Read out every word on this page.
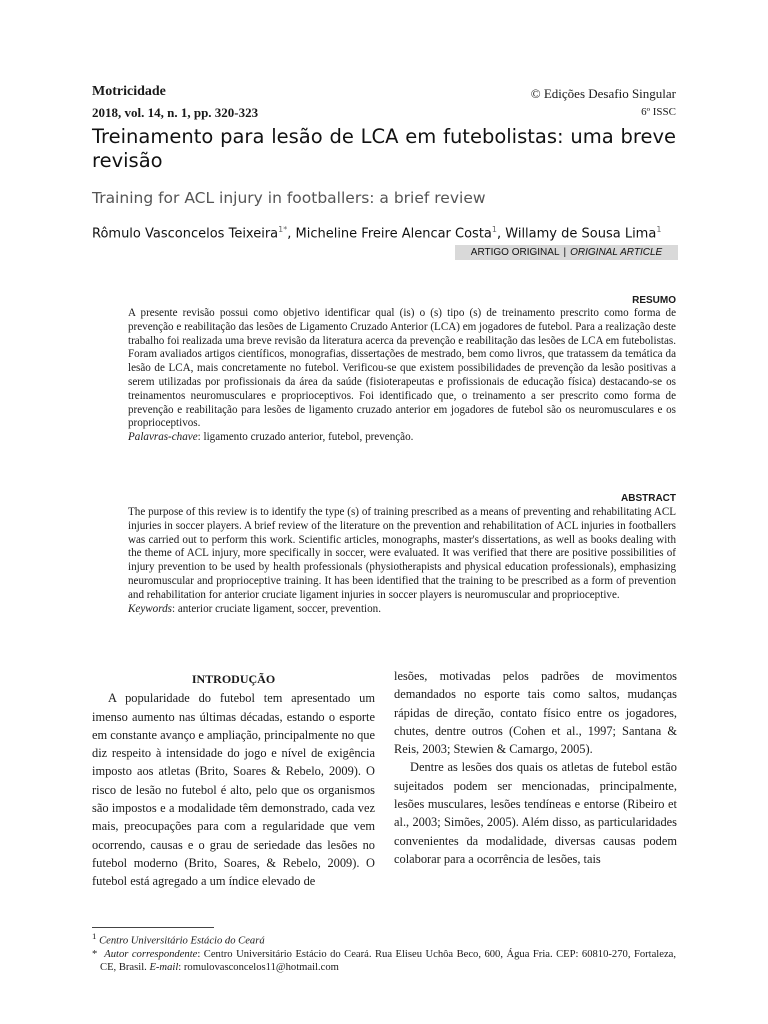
Motricidade
2018, vol. 14, n. 1, pp. 320-323
© Edições Desafio Singular
6º ISSC
Treinamento para lesão de LCA em futebolistas: uma breve revisão
Training for ACL injury in footballers: a brief review
Rômulo Vasconcelos Teixeira$^{1*}$, Micheline Freire Alencar Costa$^1$, Willamy de Sousa Lima$^1$
ARTIGO ORIGINAL | ORIGINAL ARTICLE
RESUMO
A presente revisão possui como objetivo identificar qual (is) o (s) tipo (s) de treinamento prescrito como forma de prevenção e reabilitação das lesões de Ligamento Cruzado Anterior (LCA) em jogadores de futebol. Para a realização deste trabalho foi realizada uma breve revisão da literatura acerca da prevenção e reabilitação das lesões de LCA em futebolistas. Foram avaliados artigos científicos, monografias, dissertações de mestrado, bem como livros, que tratassem da temática da lesão de LCA, mais concretamente no futebol. Verificou-se que existem possibilidades de prevenção da lesão positivas a serem utilizadas por profissionais da área da saúde (fisioterapeutas e profissionais de educação física) destacando-se os treinamentos neuromusculares e proprioceptivos. Foi identificado que, o treinamento a ser prescrito como forma de prevenção e reabilitação para lesões de ligamento cruzado anterior em jogadores de futebol são os neuromusculares e os proprioceptivos.

Palavras-chave: ligamento cruzado anterior, futebol, prevenção.

ABSTRACT
The purpose of this review is to identify the type (s) of training prescribed as a means of preventing and rehabilitating ACL injuries in soccer players. A brief review of the literature on the prevention and rehabilitation of ACL injuries in footballers was carried out to perform this work. Scientific articles, monographs, master's dissertations, as well as books dealing with the theme of ACL injury, more specifically in soccer, were evaluated. It was verified that there are positive possibilities of injury prevention to be used by health professionals (physiotherapists and physical education professionals), emphasizing neuromuscular and proprioceptive training. It has been identified that the training to be prescribed as a form of prevention and rehabilitation for anterior cruciate ligament injuries in soccer players is neuromuscular and proprioceptive.

Keywords: anterior cruciate ligament, soccer, prevention.

INTRODUÇÃO

A popularidade do futebol tem apresentado um imenso aumento nas últimas décadas, estando o esporte em constante avanço e ampliação, principalmente no que diz respeito à intensidade do jogo e nível de exigência imposto aos atletas (Brito, Soares & Rebelo, 2009). O risco de lesão no futebol é alto, pelo que os organismos são impostos e a modalidade têm demonstrado, cada vez mais, preocupações para com a regularidade que vem ocorrendo, causas e o grau de seriedade das lesões no futebol moderno (Brito, Soares, & Rebelo, 2009). O futebol está agregado a um índice elevado de

lesões, motivadas pelos padrões de movimentos demandados no esporte tais como saltos, mudanças rápidas de direção, contato físico entre os jogadores, chutes, dentre outros (Cohen et al., 1997; Santana & Reis, 2003; Stewien & Camargo, 2005).

Dentre as lesões dos quais os atletas de futebol estão sujeitados podem ser mencionadas, principalmente, lesões musculares, lesões tendíneas e entorse (Ribeiro et al., 2003; Simões, 2005). Além disso, as particularidades convenientes da modalidade, diversas causas podem colaborar para a ocorrência de lesões, tais

$^1$ Centro Universitário Estácio do Ceará

* Autor correspondente: Centro Universitário Estácio do Ceará. Rua Eliseu Uchôa Beco, 600, Água Fria. CEP: 60810-270, Fortaleza, CE, Brasil. E-mail: romulovasconcelos11@hotmail.com
